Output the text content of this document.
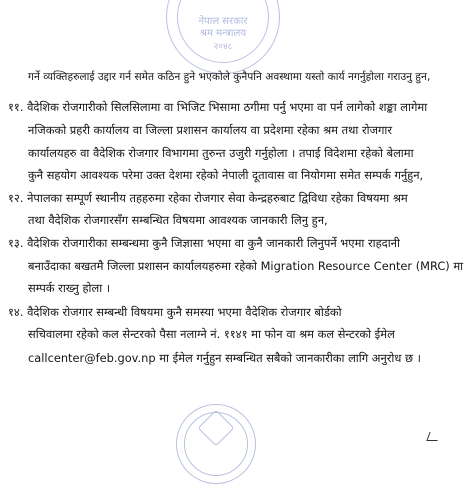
नेपाल सरकार
श्रम मन्त्रालय
२०४८
गर्ने व्यक्तिहरुलाई उद्दार गर्न समेत कठिन हुने भएकोले कुनैपनि अवस्थामा यस्तो कार्य नगर्नुहोला गराउनु हुन,
११. वैदेशिक रोजगारीको सिलसिलामा वा भिजिट भिसामा ठगीमा पर्नु भएमा वा पर्न लागेको शङ्का लागेमा
नजिकको प्रहरी कार्यालय वा जिल्ला प्रशासन कार्यालय वा प्रदेशमा रहेका श्रम तथा रोजगार
कार्यालयहरु वा वैदेशिक रोजगार विभागमा तुरुन्त उजुरी गर्नुहोला । तपाई विदेशमा रहेको बेलामा
कुनै सहयोग आवश्यक परेमा उक्त देशमा रहेको नेपाली दूतावास वा नियोगमा समेत सम्पर्क गर्नुहुन,
१२. नेपालका सम्पूर्ण स्थानीय तहहरुमा रहेका रोजगार सेवा केन्द्रहरुबाट द्विविधा रहेका विषयमा श्रम
तथा वैदेशिक रोजगारसँग सम्बन्धित विषयमा आवश्यक जानकारी लिनु हुन,
१३. वैदेशिक रोजगारीका सम्बन्धमा कुनै जिज्ञासा भएमा वा कुनै जानकारी लिनुपर्ने भएमा राहदानी
बनाउँदाका बखतमै जिल्ला प्रशासन कार्यालयहरुमा रहेको Migration Resource Center (MRC) मा
सम्पर्क राख्नु होला ।
१४. वैदेशिक रोजगार सम्बन्धी विषयमा कुनै समस्या भएमा वैदेशिक रोजगार बोर्डको
सचिवालमा रहेको कल सेन्टरको पैसा नलाग्ने नं. ११४१ मा फोन वा श्रम कल सेन्टरको ईमेल
callcenter@feb.gov.np मा ईमेल गर्नुहुन सम्बन्धित सबैको जानकारीका लागि अनुरोध छ ।
